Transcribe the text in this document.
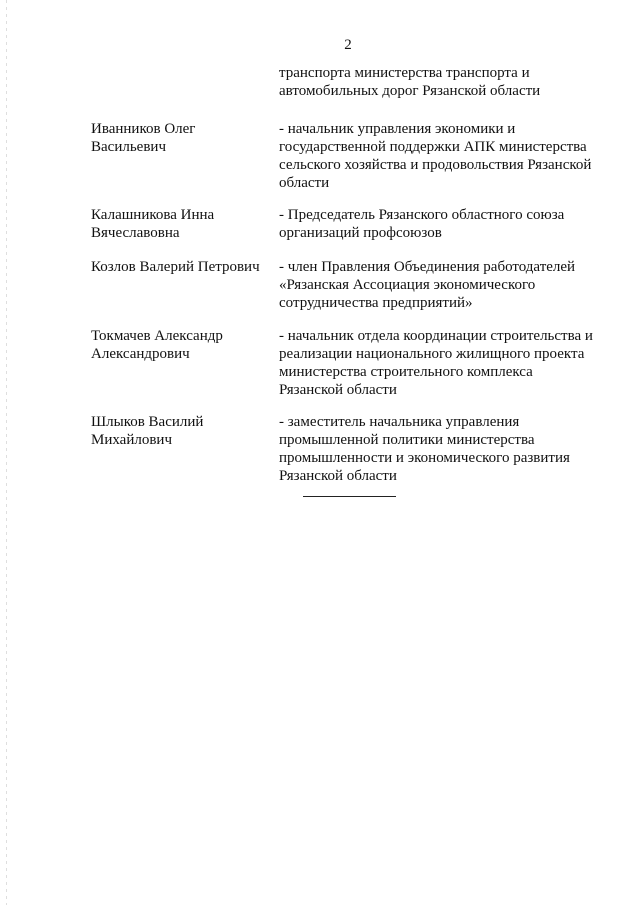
2
транспорта министерства транспорта и
автомобильных дорог Рязанской области
Иванников Олег
Васильевич
- начальник управления экономики и
государственной поддержки АПК министерства
сельского хозяйства и продовольствия Рязанской
области
Калашникова Инна
Вячеславовна
- Председатель Рязанского областного союза
организаций профсоюзов
Козлов Валерий Петрович	- член Правления Объединения работодателей
«Рязанская Ассоциация экономического
сотрудничества предприятий»
Токмачев Александр
Александрович
- начальник отдела координации строительства и
реализации национального жилищного проекта
министерства строительного комплекса
Рязанской области
Шлыков Василий
Михайлович
- заместитель начальника управления
промышленной политики министерства
промышленности и экономического развития
Рязанской области
